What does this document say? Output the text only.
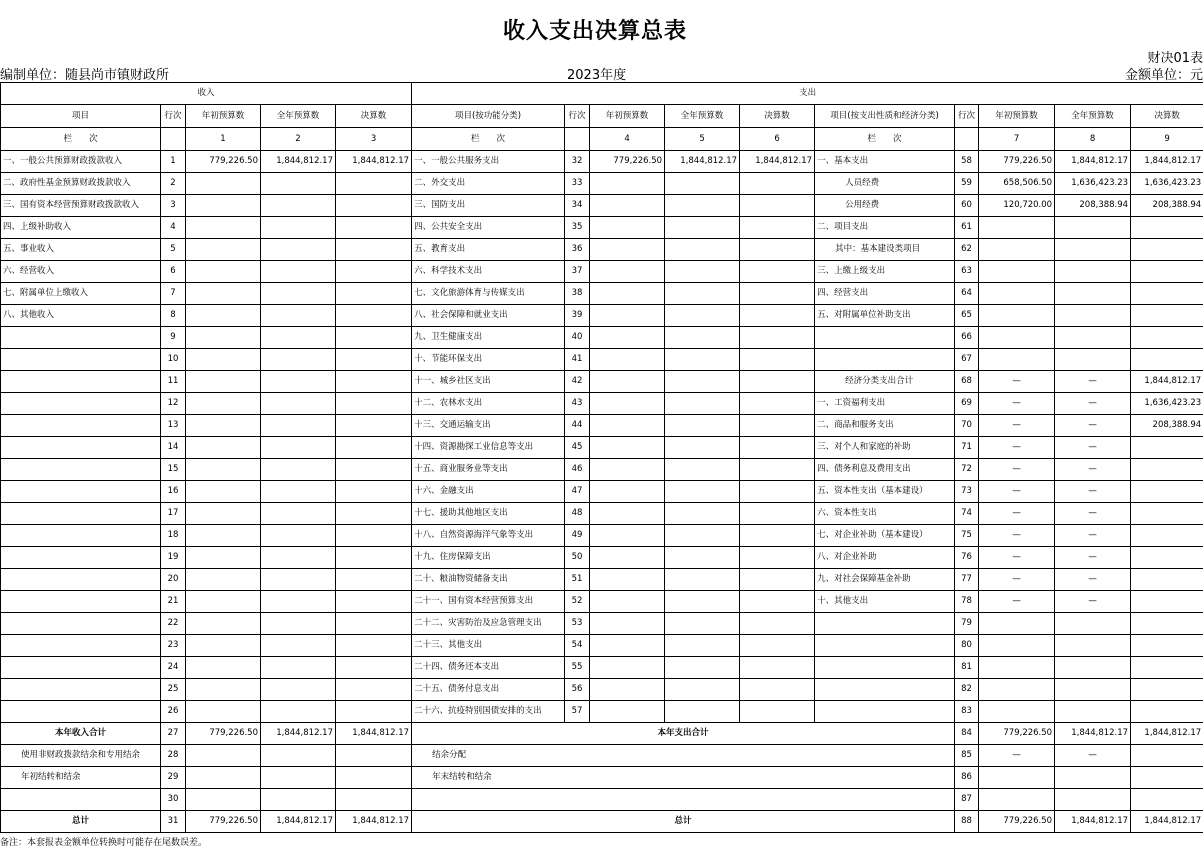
收入支出决算总表
编制单位：随县尚市镇财政所	2023年度
财决01表
金额单位：元
收入					支出									
项目	行次	年初预算数	全年预算数	决算数	项目(按功能分类)	行次	年初预算数	全年预算数	决算数	项目(按支出性质和经济分类)	行次	年初预算数	全年预算数	决算数
栏　　次		1	2	3	栏　　次		4	5	6	栏　　次		7	8	9
一、一般公共预算财政拨款收入	1	779,226.50	1,844,812.17	1,844,812.17	一、一般公共服务支出	32	779,226.50	1,844,812.17	1,844,812.17	一、基本支出	58	779,226.50	1,844,812.17	1,844,812.17
二、政府性基金预算财政拨款收入	2				二、外交支出	33				人员经费	59	658,506.50	1,636,423.23	1,636,423.23
三、国有资本经营预算财政拨款收入	3				三、国防支出	34				公用经费	60	120,720.00	208,388.94	208,388.94
四、上级补助收入	4				四、公共安全支出	35				二、项目支出	61			
五、事业收入	5				五、教育支出	36				其中：基本建设类项目	62			
六、经营收入	6				六、科学技术支出	37				三、上缴上级支出	63			
七、附属单位上缴收入	7				七、文化旅游体育与传媒支出	38				四、经营支出	64			
八、其他收入	8				八、社会保障和就业支出	39				五、对附属单位补助支出	65			
	9				九、卫生健康支出	40					66			
	10				十、节能环保支出	41					67			
	11				十一、城乡社区支出	42				经济分类支出合计	68	—	—	1,844,812.17
	12				十二、农林水支出	43				一、工资福利支出	69	—	—	1,636,423.23
	13				十三、交通运输支出	44				二、商品和服务支出	70	—	—	208,388.94
	14				十四、资源勘探工业信息等支出	45				三、对个人和家庭的补助	71	—	—	
	15				十五、商业服务业等支出	46				四、债务利息及费用支出	72	—	—	
	16				十六、金融支出	47				五、资本性支出（基本建设）	73	—	—	
	17				十七、援助其他地区支出	48				六、资本性支出	74	—	—	
	18				十八、自然资源海洋气象等支出	49				七、对企业补助（基本建设）	75	—	—	
	19				十九、住房保障支出	50				八、对企业补助	76	—	—	
	20				二十、粮油物资储备支出	51				九、对社会保障基金补助	77	—	—	
	21				二十一、国有资本经营预算支出	52				十、其他支出	78	—	—	
	22				二十二、灾害防治及应急管理支出	53					79			
	23				二十三、其他支出	54					80			
	24				二十四、债务还本支出	55					81			
	25				二十五、债务付息支出	56					82			
	26				二十六、抗疫特别国债安排的支出	57					83			
本年收入合计	27	779,226.50	1,844,812.17	1,844,812.17	本年支出合计						84	779,226.50	1,844,812.17	1,844,812.17
使用非财政拨款结余和专用结余	28				结余分配						85	—	—	
年初结转和结余	29				年末结转和结余						86			
	30										87			
总计	31	779,226.50	1,844,812.17	1,844,812.17	总计						88	779,226.50	1,844,812.17	1,844,812.17
备注：本套报表金额单位转换时可能存在尾数误差。
